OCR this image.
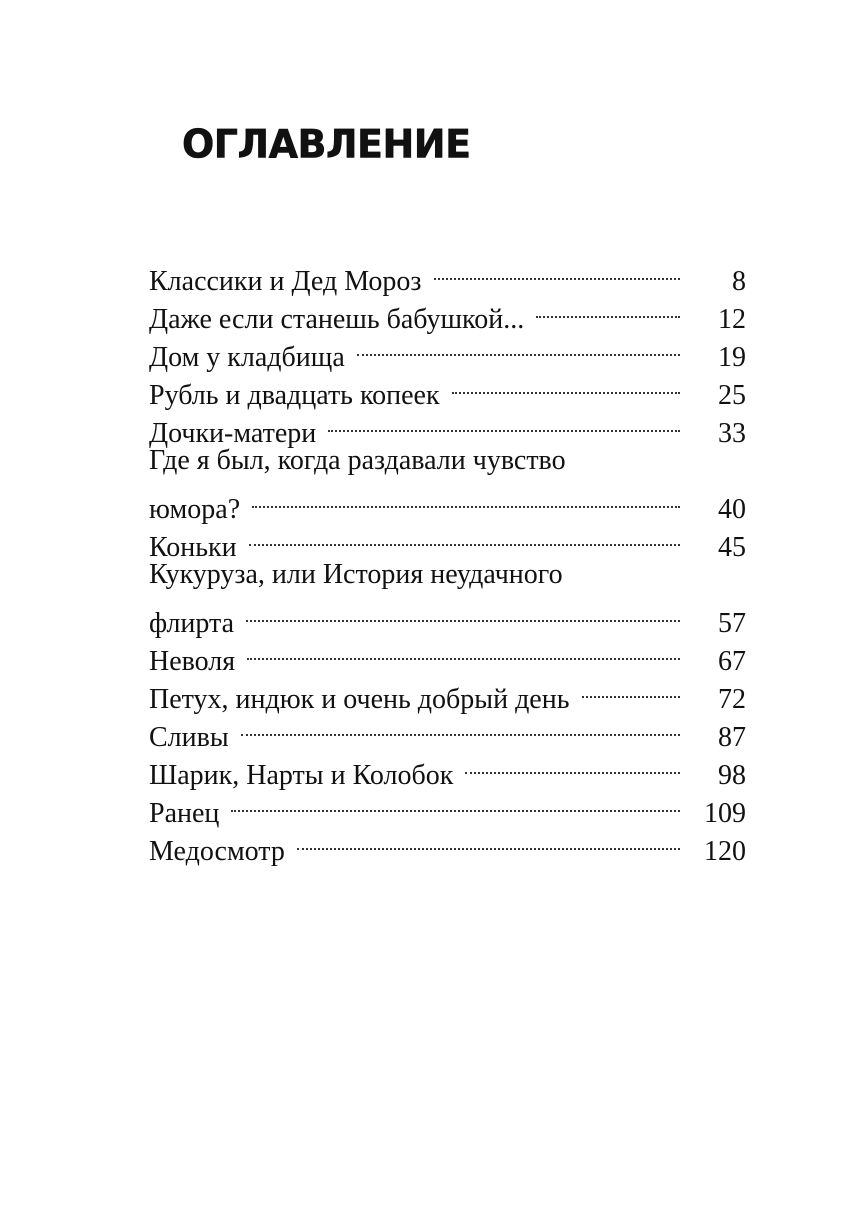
ОГЛАВЛЕНИЕ
Классики и Дед Мороз	8
Даже если станешь бабушкой...	12
Дом у кладбища	19
Рубль и двадцать копеек	25
Дочки-матери	33
Где я был, когда раздавали чувство
юмора?	40
Коньки	45
Кукуруза, или История неудачного
флирта	57
Неволя	67
Петух, индюк и очень добрый день	72
Сливы	87
Шарик, Нарты и Колобок	98
Ранец	109
Медосмотр	120
